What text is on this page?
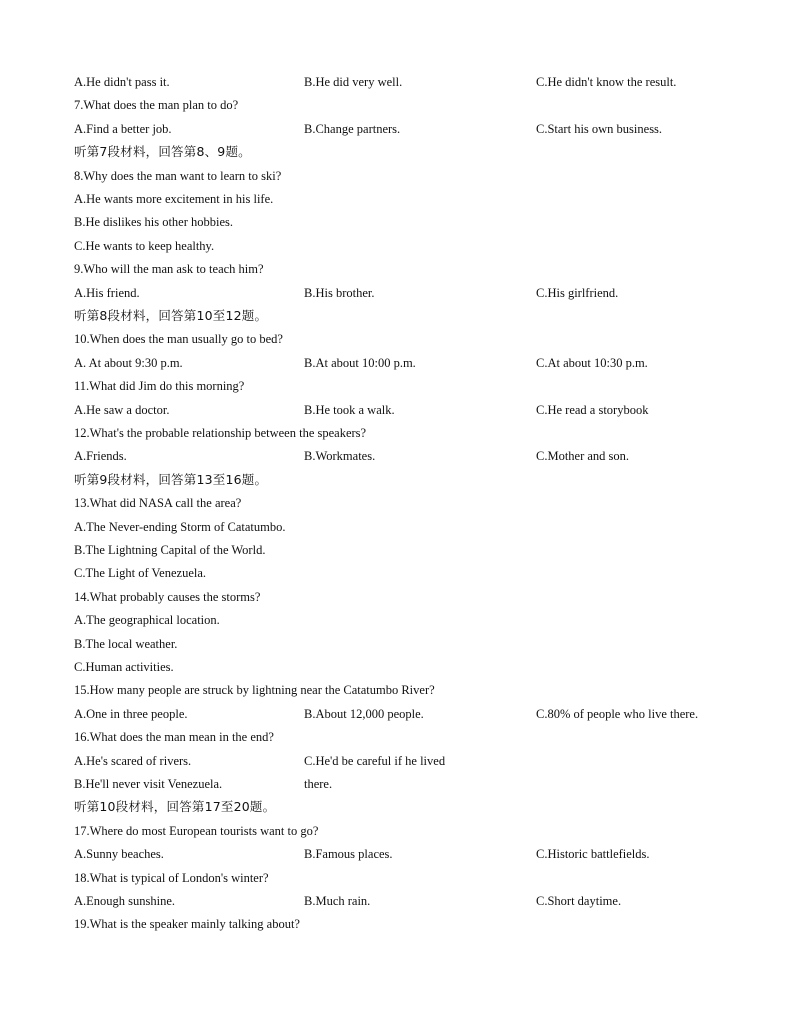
A.He didn't pass it.	B.He did very well.	C.He didn't know the result.
7.What does the man plan to do?
A.Find a better job.	B.Change partners.	C.Start his own business.
听第7段材料，回答第8、9题。
8.Why does the man want to learn to ski?
A.He wants more excitement in his life.
B.He dislikes his other hobbies.
C.He wants to keep healthy.
9.Who will the man ask to teach him?
A.His friend.	B.His brother.	C.His girlfriend.
听第8段材料，回答第10至12题。
10.When does the man usually go to bed?
A. At about 9:30 p.m.	B.At about 10:00 p.m.	C.At about 10:30 p.m.
11.What did Jim do this morning?
A.He saw a doctor.	B.He took a walk.	C.He read a storybook
12.What's the probable relationship between the speakers?
A.Friends.	B.Workmates.	C.Mother and son.
听第9段材料，回答第13至16题。
13.What did NASA call the area?
A.The Never-ending Storm of Catatumbo.
B.The Lightning Capital of the World.
C.The Light of Venezuela.
14.What probably causes the storms?
A.The geographical location.
B.The local weather.
C.Human activities.
15.How many people are struck by lightning near the Catatumbo River?
A.One in three people.	B.About 12,000 people.	C.80% of people who live there.
16.What does the man mean in the end?
A.He's scared of rivers.	C.He'd be careful if he lived
B.He'll never visit Venezuela.	there.
听第10段材料，回答第17至20题。
17.Where do most European tourists want to go?
A.Sunny beaches.	B.Famous places.	C.Historic battlefields.
18.What is typical of London's winter?
A.Enough sunshine.	B.Much rain.	C.Short daytime.
19.What is the speaker mainly talking about?
